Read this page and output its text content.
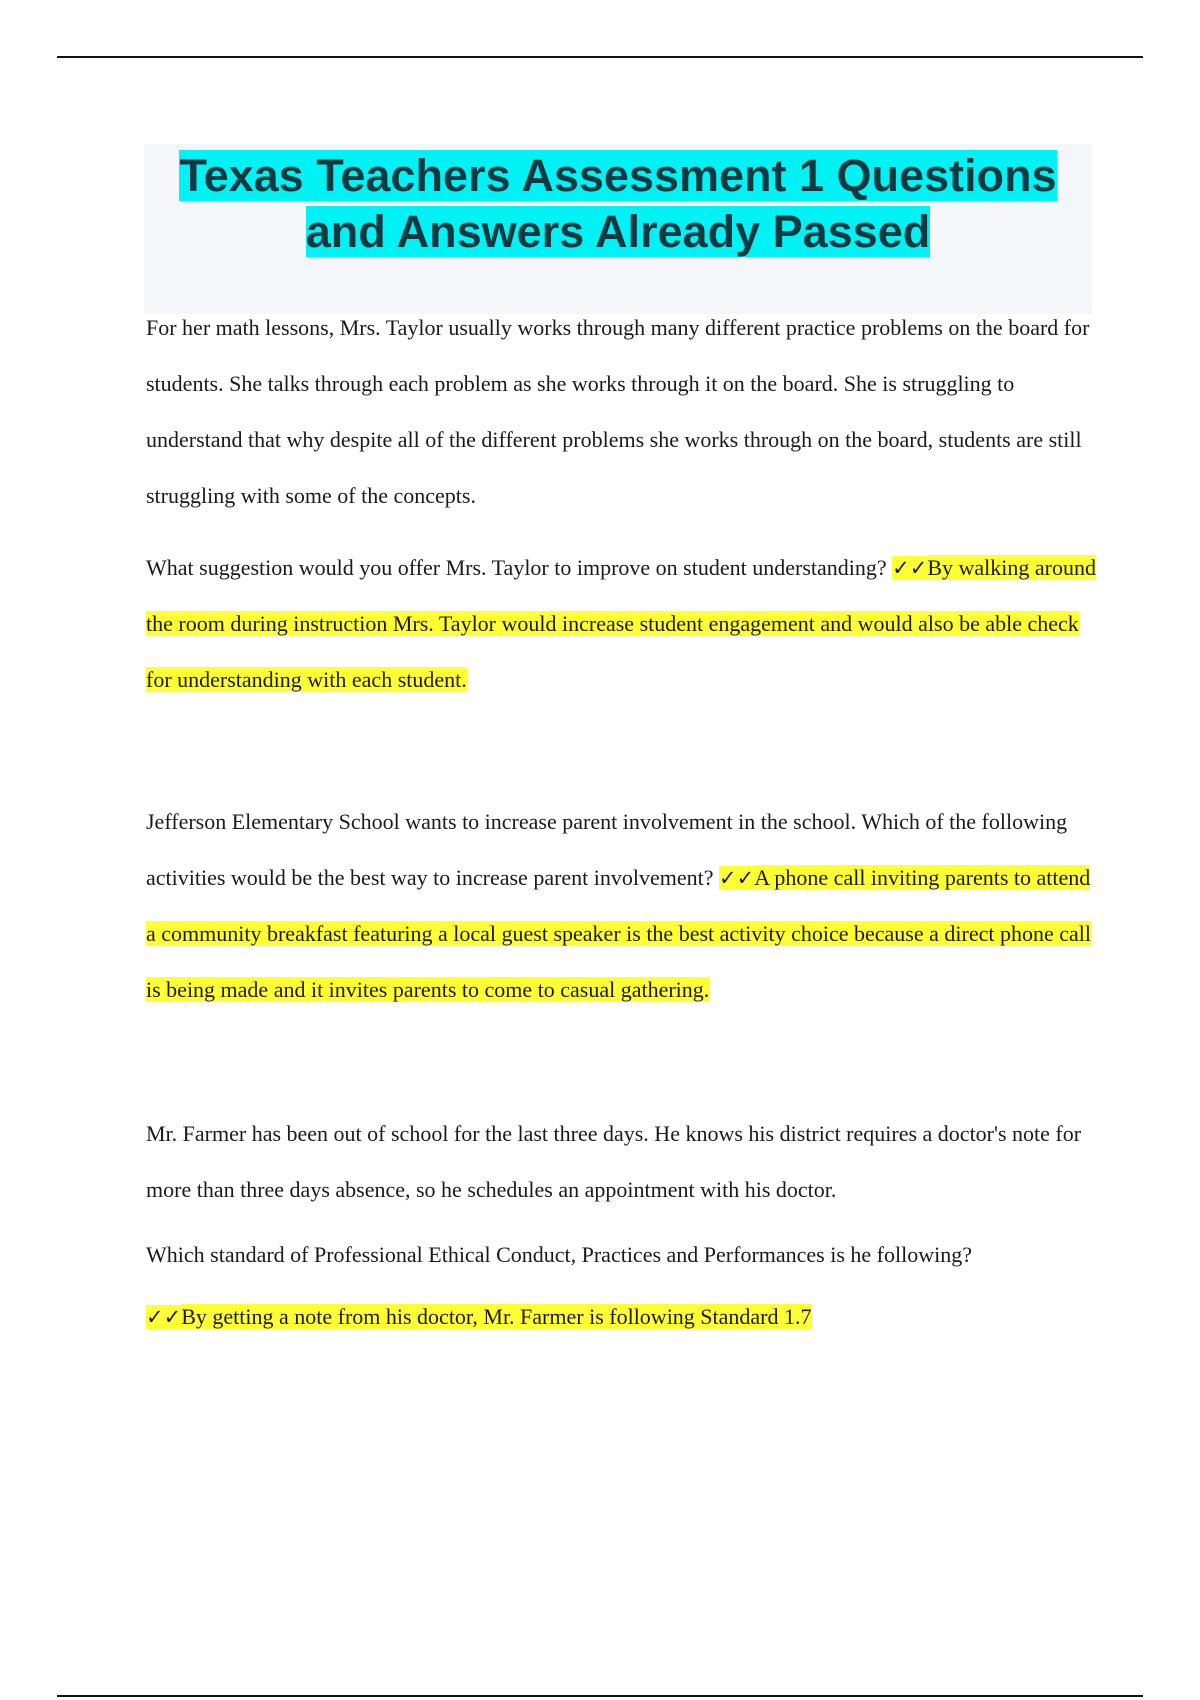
Texas Teachers Assessment 1 Questions
and Answers Already Passed

For her math lessons, Mrs. Taylor usually works through many different practice problems on the board for students. She talks through each problem as she works through it on the board. She is struggling to understand that why despite all of the different problems she works through on the board, students are still struggling with some of the concepts.

What suggestion would you offer Mrs. Taylor to improve on student understanding? ✓✓By walking around the room during instruction Mrs. Taylor would increase student engagement and would also be able check for understanding with each student.

Jefferson Elementary School wants to increase parent involvement in the school. Which of the following activities would be the best way to increase parent involvement? ✓✓A phone call inviting parents to attend a community breakfast featuring a local guest speaker is the best activity choice because a direct phone call is being made and it invites parents to come to casual gathering.

Mr. Farmer has been out of school for the last three days. He knows his district requires a doctor's note for more than three days absence, so he schedules an appointment with his doctor.

Which standard of Professional Ethical Conduct, Practices and Performances is he following?
✓✓By getting a note from his doctor, Mr. Farmer is following Standard 1.7
